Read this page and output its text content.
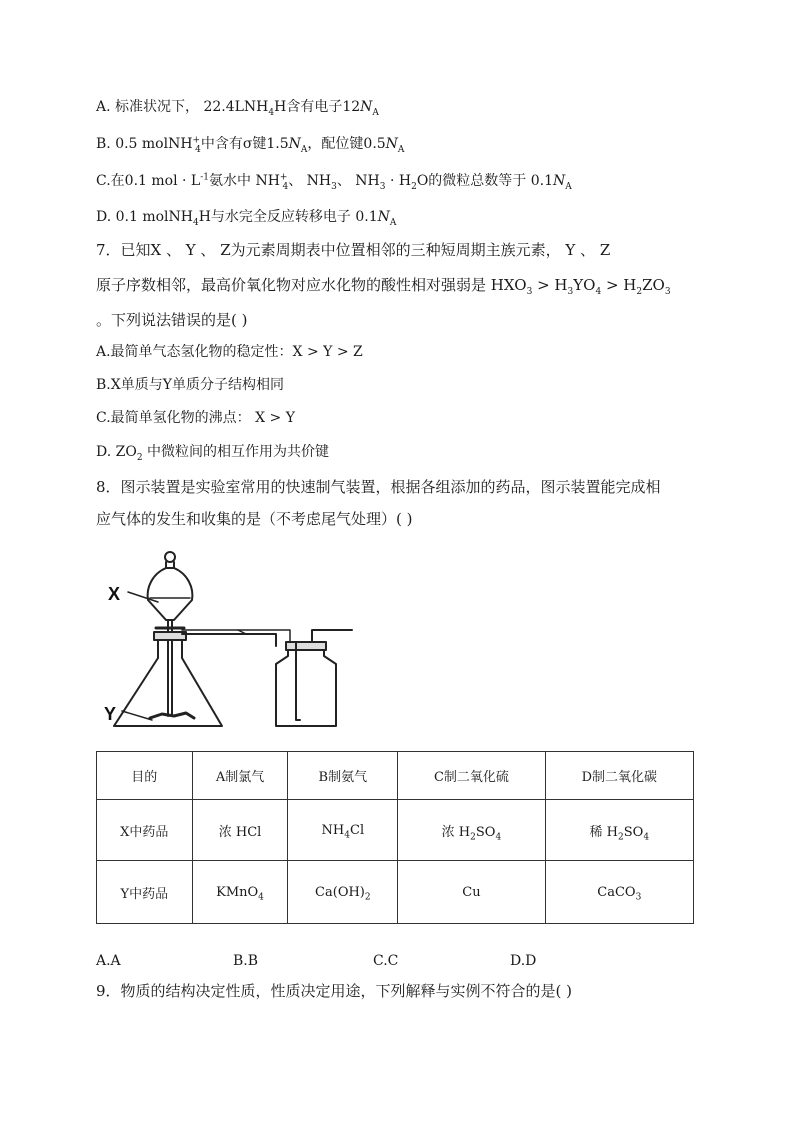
A. 标准状况下， $22.4LNH_4H$含有电子$12N_A$
B. 0.5 molNH+$_4$中含有σ键$1.5N_A$，配位键$0.5N_A$
C.在0.1 mol · $L^{-1}$氨水中 $NH^+_4$、 $NH_3$、 $NH_3 \cdot H_2O$的微粒总数等于 $0.1N_A$
D. 0.1 molNH$_4$H与水完全反应转移电子 $0.1N_A$
7．已知X 、 Y 、 Z为元素周期表中位置相邻的三种短周期主族元素， Y 、 Z
原子序数相邻，最高价氧化物对应水化物的酸性相对强弱是 $HXO_3 > H_3YO_4 > H_2ZO_3$
。下列说法错误的是( )
A.最简单气态氢化物的稳定性：X > Y > Z
B.X单质与Y单质分子结构相同
C.最简单氢化物的沸点： X > Y
D. $ZO_2$ 中微粒间的相互作用为共价键
8．图示装置是实验室常用的快速制气装置，根据各组添加的药品，图示装置能完成相
应气体的发生和收集的是（不考虑尾气处理）( )
X
Y
目的	A制氯气	B制氨气	C制二氧化硫	D制二氧化碳
X中药品	浓 HCl	$NH_4Cl$	浓 $H_2SO_4$	稀 $H_2SO_4$
Y中药品	KMnO$_4$	$Ca(OH)_2$	Cu	CaCO$_3$
A.A	B.B	C.C	D.D
9．物质的结构决定性质，性质决定用途，下列解释与实例不符合的是( )
